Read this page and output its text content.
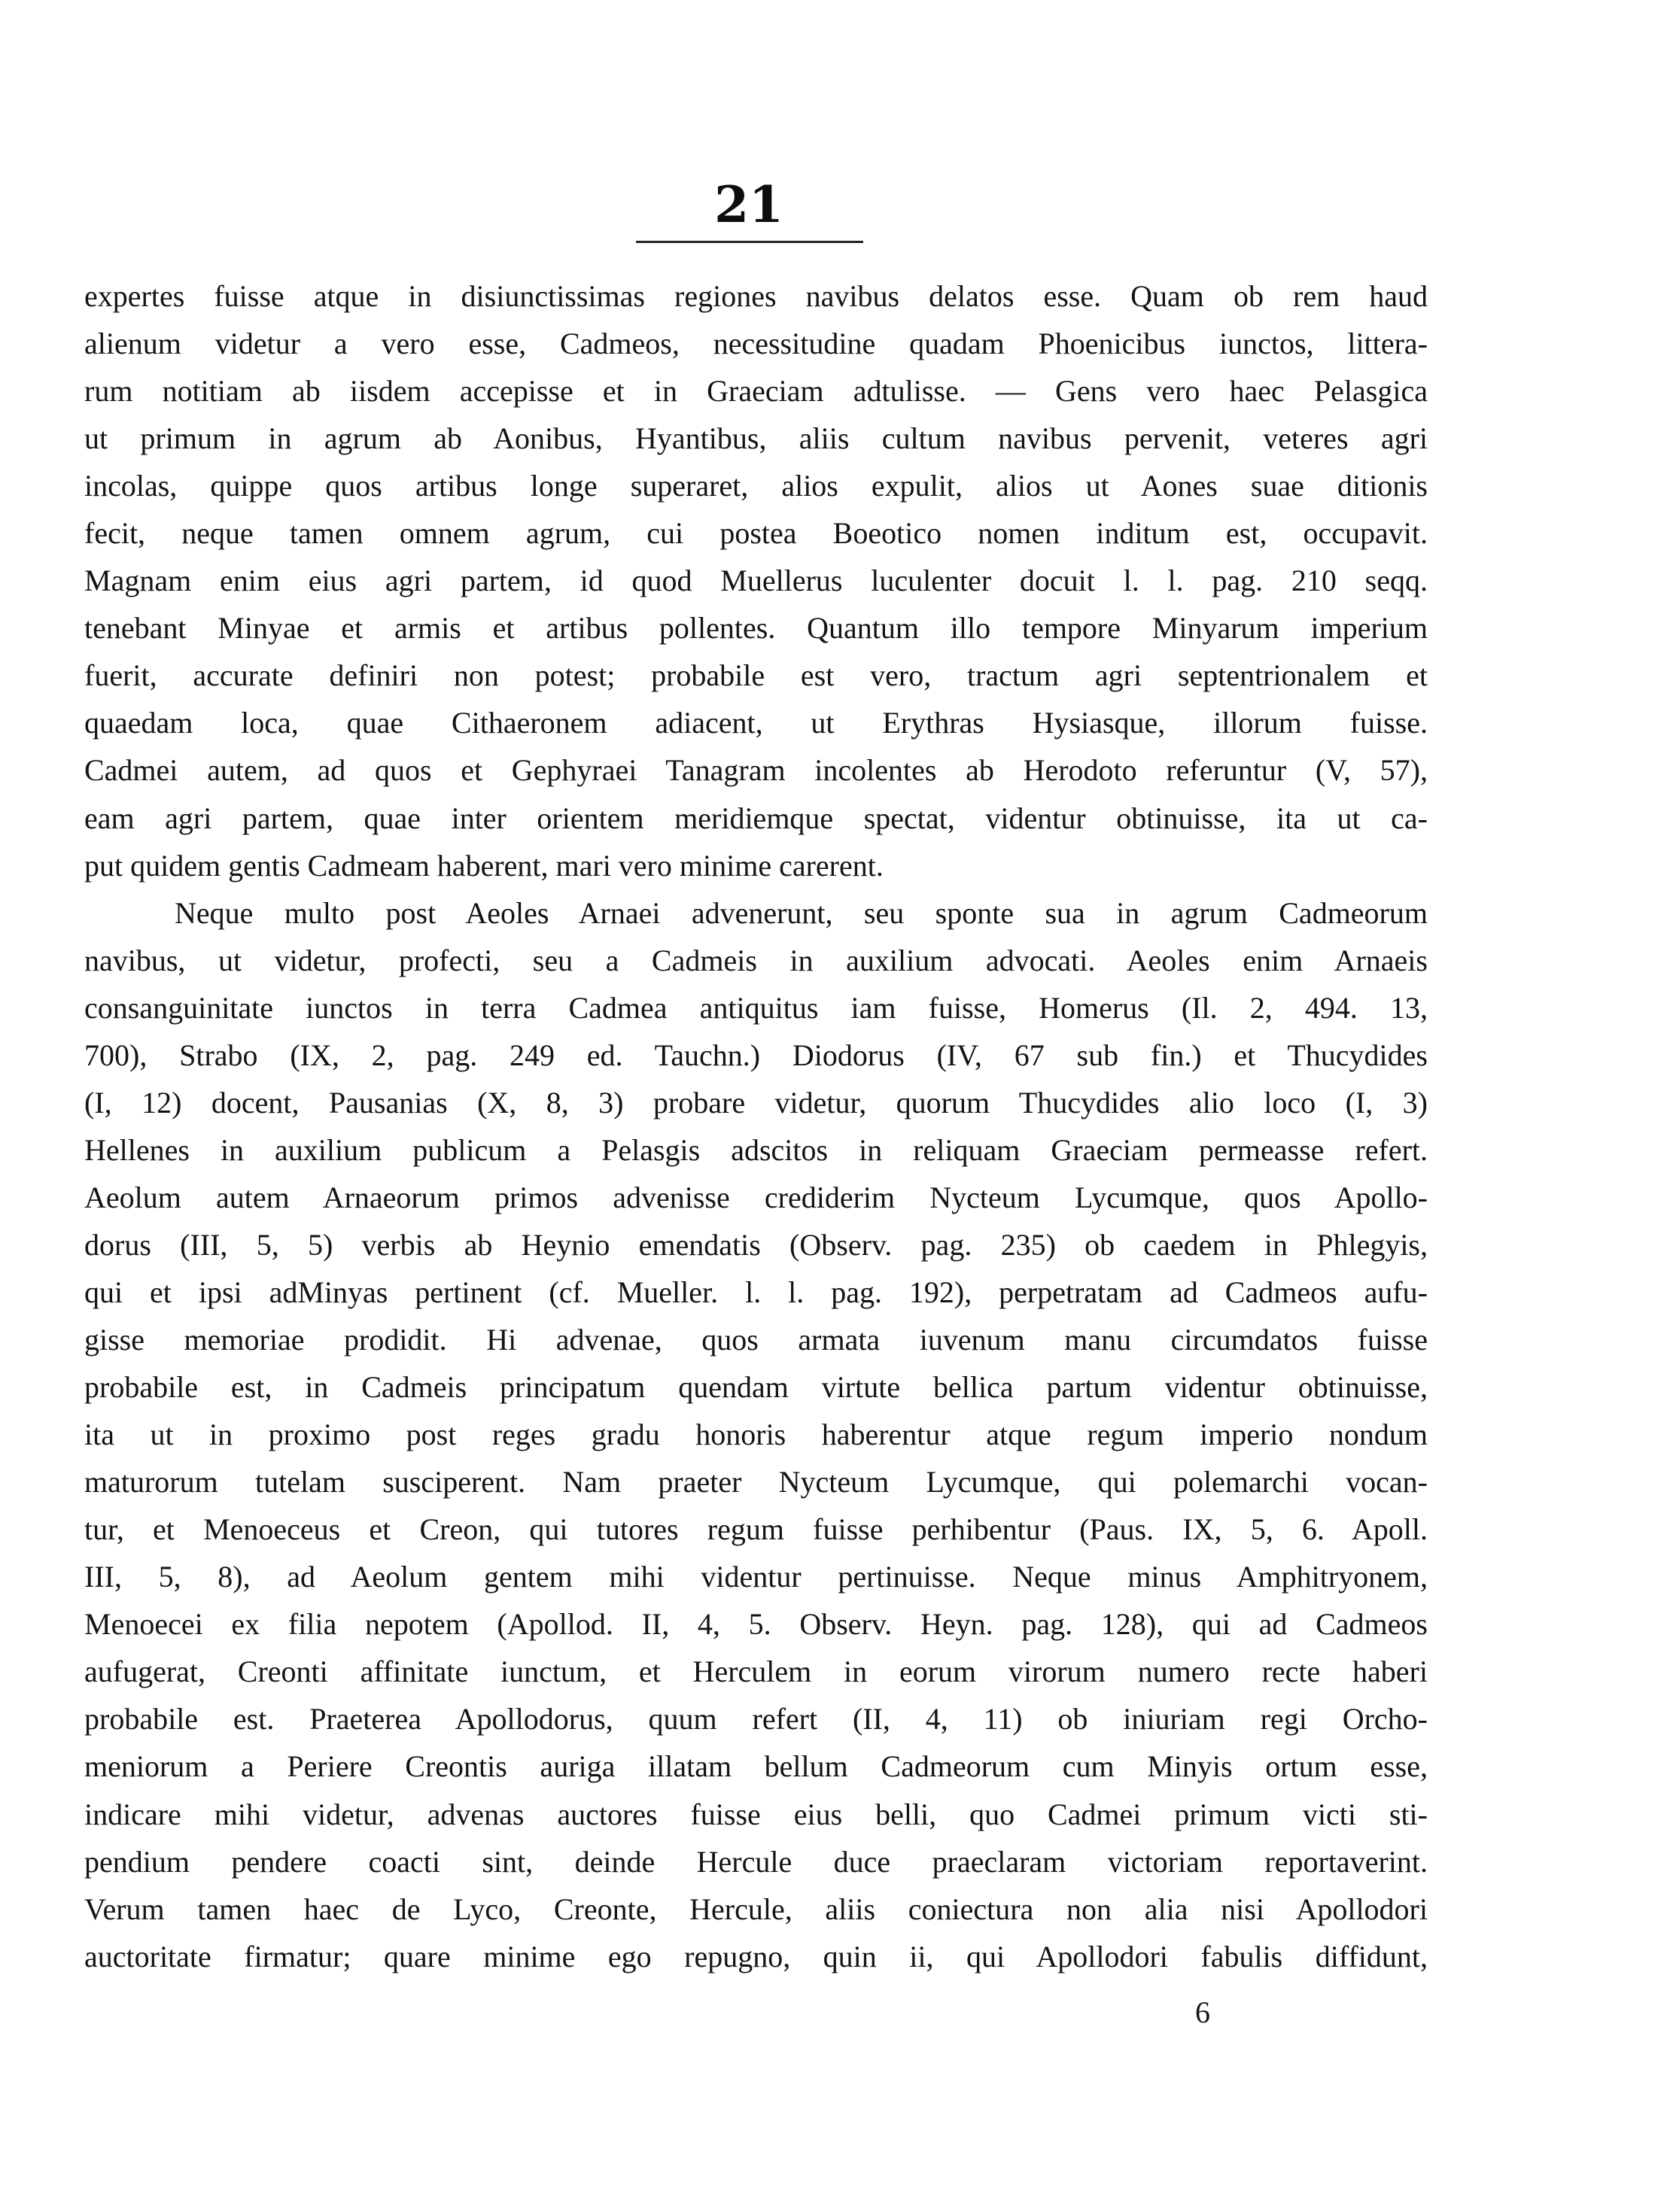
21
expertes fuisse atque in disiunctissimas regiones navibus delatos esse. Quam ob rem haud
alienum videtur a vero esse, Cadmeos, necessitudine quadam Phoenicibus iunctos, littera-
rum notitiam ab iisdem accepisse et in Graeciam adtulisse. — Gens vero haec Pelasgica
ut primum in agrum ab Aonibus, Hyantibus, aliis cultum navibus pervenit, veteres agri
incolas, quippe quos artibus longe superaret, alios expulit, alios ut Aones suae ditionis
fecit, neque tamen omnem agrum, cui postea Boeotico nomen inditum est, occupavit.
Magnam enim eius agri partem, id quod Muellerus luculenter docuit l. l. pag. 210 seqq.
tenebant Minyae et armis et artibus pollentes. Quantum illo tempore Minyarum imperium
fuerit, accurate definiri non potest; probabile est vero, tractum agri septentrionalem et
quaedam loca, quae Cithaeronem adiacent, ut Erythras Hysiasque, illorum fuisse.
Cadmei autem, ad quos et Gephyraei Tanagram incolentes ab Herodoto referuntur (V, 57),
eam agri partem, quae inter orientem meridiemque spectat, videntur obtinuisse, ita ut ca-
put quidem gentis Cadmeam haberent, mari vero minime carerent.
Neque multo post Aeoles Arnaei advenerunt, seu sponte sua in agrum Cadmeorum
navibus, ut videtur, profecti, seu a Cadmeis in auxilium advocati. Aeoles enim Arnaeis
consanguinitate iunctos in terra Cadmea antiquitus iam fuisse, Homerus (Il. 2, 494. 13,
700), Strabo (IX, 2, pag. 249 ed. Tauchn.) Diodorus (IV, 67 sub fin.) et Thucydides
(I, 12) docent, Pausanias (X, 8, 3) probare videtur, quorum Thucydides alio loco (I, 3)
Hellenes in auxilium publicum a Pelasgis adscitos in reliquam Graeciam permeasse refert.
Aeolum autem Arnaeorum primos advenisse crediderim Nycteum Lycumque, quos Apollo-
dorus (III, 5, 5) verbis ab Heynio emendatis (Observ. pag. 235) ob caedem in Phlegyis,
qui et ipsi adMinyas pertinent (cf. Mueller. l. l. pag. 192), perpetratam ad Cadmeos aufu-
gisse memoriae prodidit. Hi advenae, quos armata iuvenum manu circumdatos fuisse
probabile est, in Cadmeis principatum quendam virtute bellica partum videntur obtinuisse,
ita ut in proximo post reges gradu honoris haberentur atque regum imperio nondum
maturorum tutelam susciperent. Nam praeter Nycteum Lycumque, qui polemarchi vocan-
tur, et Menoeceus et Creon, qui tutores regum fuisse perhibentur (Paus. IX, 5, 6. Apoll.
III, 5, 8), ad Aeolum gentem mihi videntur pertinuisse. Neque minus Amphitryonem,
Menoecei ex filia nepotem (Apollod. II, 4, 5. Observ. Heyn. pag. 128), qui ad Cadmeos
aufugerat, Creonti affinitate iunctum, et Herculem in eorum virorum numero recte haberi
probabile est. Praeterea Apollodorus, quum refert (II, 4, 11) ob iniuriam regi Orcho-
meniorum a Periere Creontis auriga illatam bellum Cadmeorum cum Minyis ortum esse,
indicare mihi videtur, advenas auctores fuisse eius belli, quo Cadmei primum victi sti-
pendium pendere coacti sint, deinde Hercule duce praeclaram victoriam reportaverint.
Verum tamen haec de Lyco, Creonte, Hercule, aliis coniectura non alia nisi Apollodori
auctoritate firmatur; quare minime ego repugno, quin ii, qui Apollodori fabulis diffidunt,
6
